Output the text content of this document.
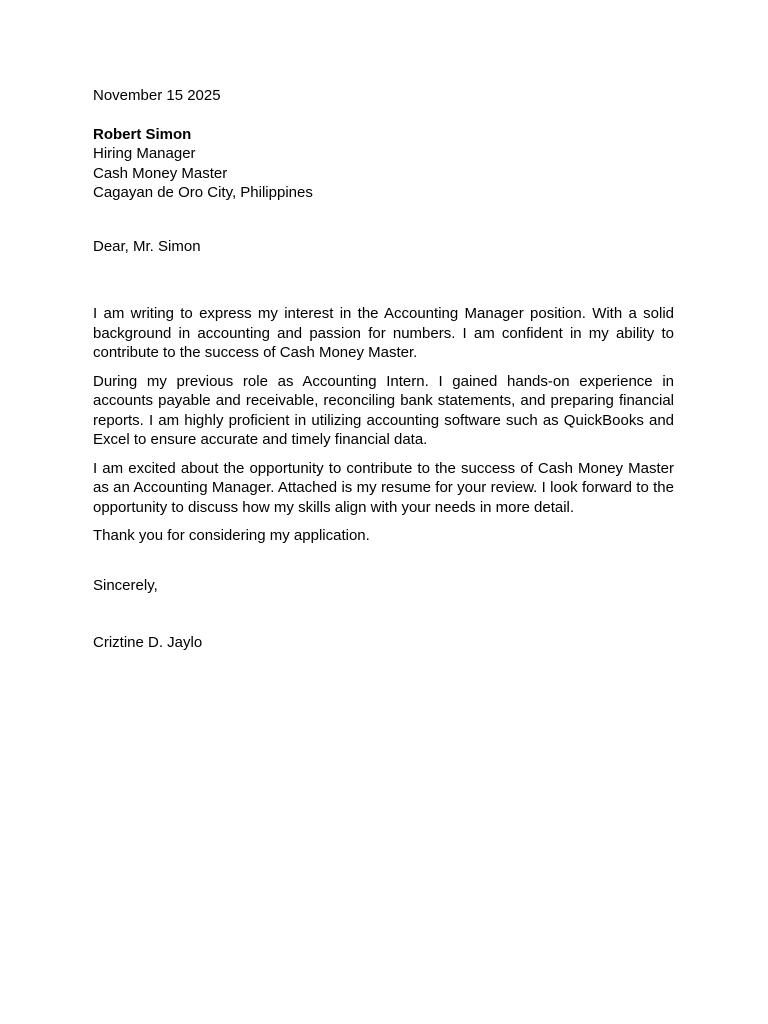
November 15 2025
Robert Simon
Hiring Manager
Cash Money Master
Cagayan de Oro City, Philippines
Dear, Mr. Simon

I am writing to express my interest in the Accounting Manager position. With a solid background in accounting and passion for numbers. I am confident in my ability to contribute to the success of Cash Money Master.

During my previous role as Accounting Intern. I gained hands-on experience in accounts payable and receivable, reconciling bank statements, and preparing financial reports. I am highly proficient in utilizing accounting software such as QuickBooks and Excel to ensure accurate and timely financial data.

I am excited about the opportunity to contribute to the success of Cash Money Master as an Accounting Manager. Attached is my resume for your review. I look forward to the opportunity to discuss how my skills align with your needs in more detail.

Thank you for considering my application.

Sincerely,
Criztine D. Jaylo
